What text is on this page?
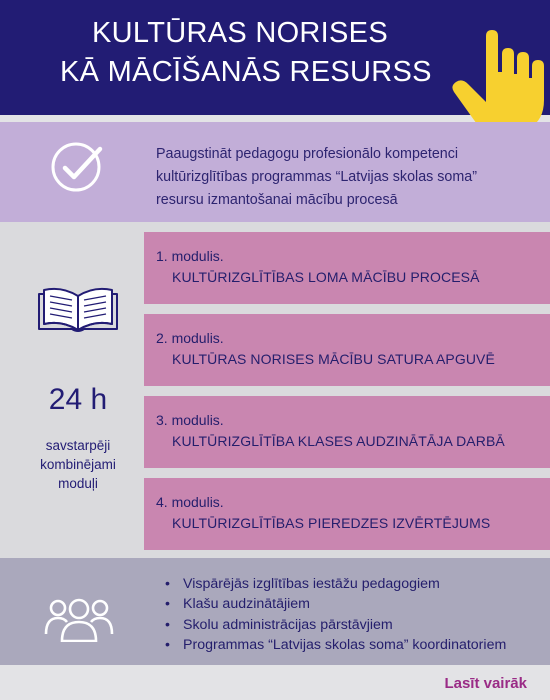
KULTŪRAS NORISES
KĀ MĀCĪŠANĀS RESURSS
Paaugstināt pedagogu profesionālo kompetenci
kultūrizglītības programmas “Latvijas skolas soma”
resursu izmantošanai mācību procesā
24 h
savstarpēji
kombinējami
moduļi
1. modulis.
KULTŪRIZGLĪTĪBAS LOMA MĀCĪBU PROCESĀ
2. modulis.
KULTŪRAS NORISES MĀCĪBU SATURA APGUVĒ
3. modulis.
KULTŪRIZGLĪTĪBA KLASES AUDZINĀTĀJA DARBĀ
4. modulis.
KULTŪRIZGLĪTĪBAS PIEREDZES IZVĒRTĒJUMS
• Vispārējās izglītības iestāžu pedagogiem
• Klašu audzinātājiem
• Skolu administrācijas pārstāvjiem
• Programmas “Latvijas skolas soma” koordinatoriem
Lasīt vairāk
